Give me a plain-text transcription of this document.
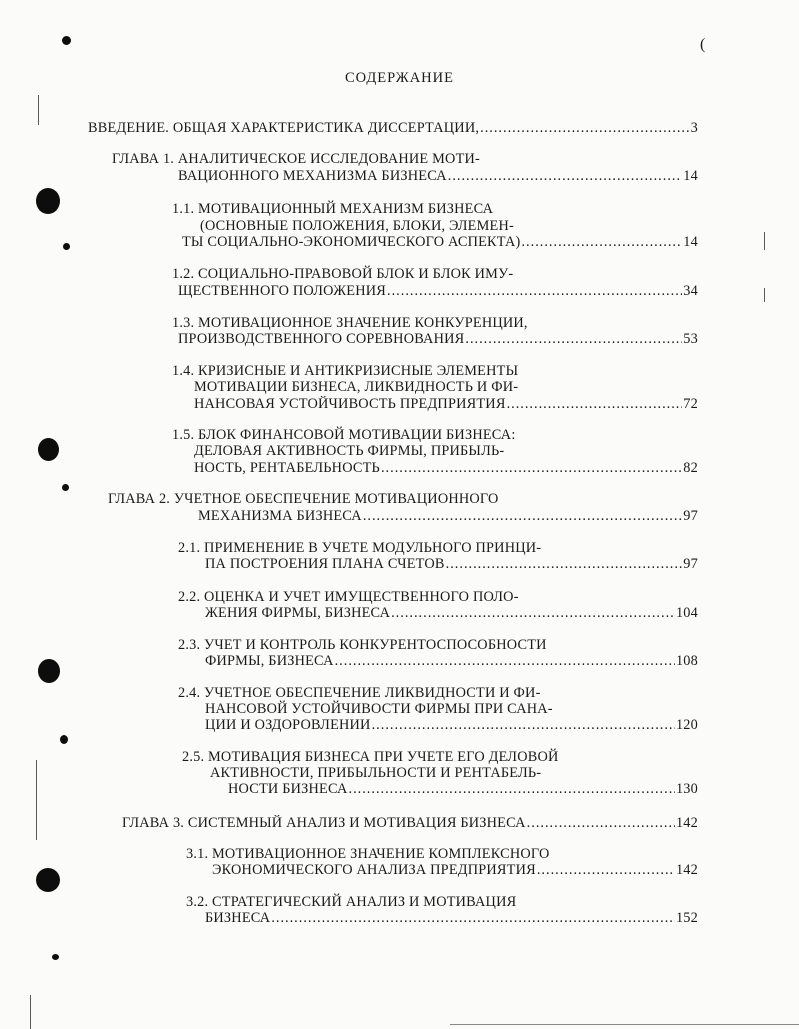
СОДЕРЖАНИЕ
(
ВВЕДЕНИЕ. ОБЩАЯ ХАРАКТЕРИСТИКА ДИССЕРТАЦИИ, .....	3
ГЛАВА 1. АНАЛИТИЧЕСКОЕ ИССЛЕДОВАНИЕ МОТИ-
ВАЦИОННОГО МЕХАНИЗМА БИЗНЕСА .....	14
1.1. МОТИВАЦИОННЫЙ МЕХАНИЗМ БИЗНЕСА
(ОСНОВНЫЕ ПОЛОЖЕНИЯ, БЛОКИ, ЭЛЕМЕН-
ТЫ СОЦИАЛЬНО-ЭКОНОМИЧЕСКОГО АСПЕКТА) .....	14
1.2. СОЦИАЛЬНО-ПРАВОВОЙ БЛОК И БЛОК ИМУ-
ЩЕСТВЕННОГО ПОЛОЖЕНИЯ .....	34
1.3. МОТИВАЦИОННОЕ ЗНАЧЕНИЕ КОНКУРЕНЦИИ,
ПРОИЗВОДСТВЕННОГО СОРЕВНОВАНИЯ .....	53
1.4. КРИЗИСНЫЕ И АНТИКРИЗИСНЫЕ ЭЛЕМЕНТЫ
МОТИВАЦИИ БИЗНЕСА, ЛИКВИДНОСТЬ И ФИ-
НАНСОВАЯ УСТОЙЧИВОСТЬ ПРЕДПРИЯТИЯ .....	72
1.5. БЛОК ФИНАНСОВОЙ МОТИВАЦИИ БИЗНЕСА:
ДЕЛОВАЯ АКТИВНОСТЬ ФИРМЫ, ПРИБЫЛЬ-
НОСТЬ, РЕНТАБЕЛЬНОСТЬ .....	82
ГЛАВА 2. УЧЕТНОЕ ОБЕСПЕЧЕНИЕ МОТИВАЦИОННОГО
МЕХАНИЗМА БИЗНЕСА .....	97
2.1. ПРИМЕНЕНИЕ В УЧЕТЕ МОДУЛЬНОГО ПРИНЦИ-
ПА ПОСТРОЕНИЯ ПЛАНА СЧЕТОВ .....	97
2.2. ОЦЕНКА И УЧЕТ ИМУЩЕСТВЕННОГО ПОЛО-
ЖЕНИЯ ФИРМЫ, БИЗНЕСА .....	104
2.3. УЧЕТ И КОНТРОЛЬ КОНКУРЕНТОСПОСОБНОСТИ
ФИРМЫ, БИЗНЕСА .....	108
2.4. УЧЕТНОЕ ОБЕСПЕЧЕНИЕ ЛИКВИДНОСТИ И ФИ-
НАНСОВОЙ УСТОЙЧИВОСТИ ФИРМЫ ПРИ САНА-
ЦИИ И ОЗДОРОВЛЕНИИ .....	120
2.5. МОТИВАЦИЯ БИЗНЕСА ПРИ УЧЕТЕ ЕГО ДЕЛОВОЙ
АКТИВНОСТИ, ПРИБЫЛЬНОСТИ И РЕНТАБЕЛЬ-
НОСТИ БИЗНЕСА .....	130
ГЛАВА 3. СИСТЕМНЫЙ АНАЛИЗ И МОТИВАЦИЯ БИЗНЕСА .....	142
3.1. МОТИВАЦИОННОЕ ЗНАЧЕНИЕ КОМПЛЕКСНОГО
ЭКОНОМИЧЕСКОГО АНАЛИЗА ПРЕДПРИЯТИЯ .....	142
3.2. СТРАТЕГИЧЕСКИЙ АНАЛИЗ И МОТИВАЦИЯ
БИЗНЕСА .....	152
